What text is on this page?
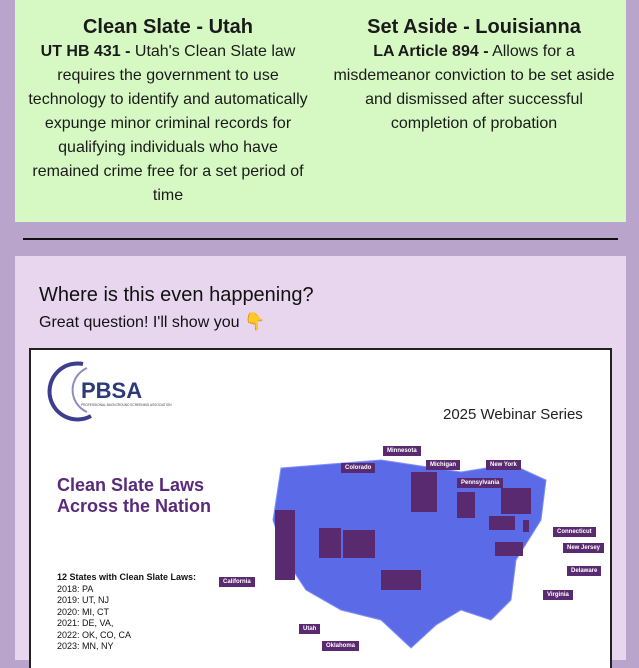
Clean Slate - Utah

UT HB 431 - Utah's Clean Slate law requires the government to use technology to identify and automatically expunge minor criminal records for qualifying individuals who have remained crime free for a set period of time

Set Aside - Louisianna

LA Article 894 - Allows for a misdemeanor conviction to be set aside and dismissed after successful completion of probation

Where is this even happening?
Great question! I'll show you 👇
PBSA
PROFESSIONAL BACKGROUND SCREENING ASSOCIATION
2025 Webinar Series
Clean Slate Laws
Across the Nation
12 States with Clean Slate Laws:
2018: PA
2019: UT, NJ
2020: MI, CT
2021: DE, VA,
2022: OK, CO, CA
2023: MN, NY
Minnesota
Colorado	Michigan	New York
Pennsylvania
Connecticut
New Jersey
Delaware
Virginia
California
Utah
Oklahoma
